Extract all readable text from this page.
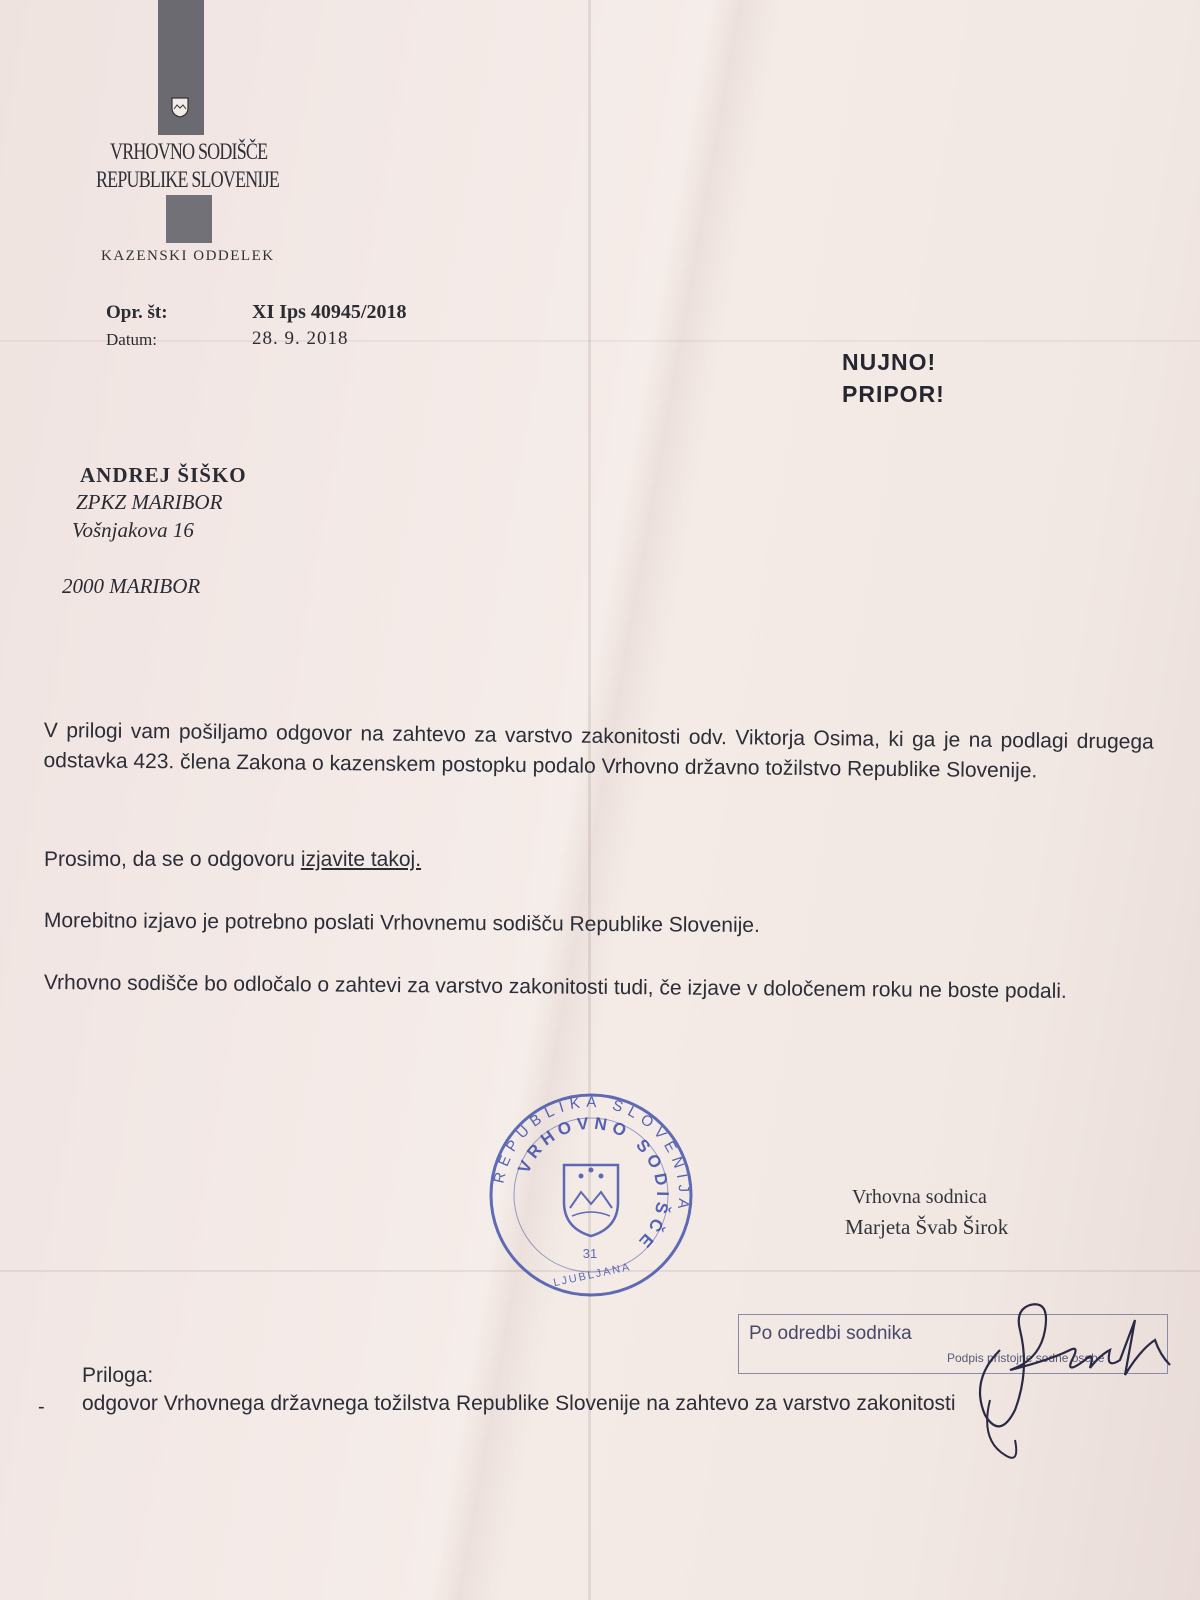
VRHOVNO SODIŠČE
REPUBLIKE SLOVENIJE
KAZENSKI ODDELEK
Opr. št:	XI Ips 40945/2018
Datum:	28. 9. 2018
NUJNO!
PRIPOR!
ANDREJ ŠIŠKO
ZPKZ MARIBOR
Vošnjakova 16
2000 MARIBOR
V prilogi vam pošiljamo odgovor na zahtevo za varstvo zakonitosti odv. Viktorja Osima, ki ga je na podlagi drugega odstavka 423. člena Zakona o kazenskem postopku podalo Vrhovno državno tožilstvo Republike Slovenije.
Prosimo, da se o odgovoru izjavite takoj.
Morebitno izjavo je potrebno poslati Vrhovnemu sodišču Republike Slovenije.
Vrhovno sodišče bo odločalo o zahtevi za varstvo zakonitosti tudi, če izjave v določenem roku ne boste podali.
REPUBLIKA SLOVENIJA
VRHOVNO SODIŠČE
31
LJUBLJANA
Vrhovna sodnica
Marjeta Švab Širok
Po odredbi sodnika
Podpis pristojne sodne osebe
Priloga:
- odgovor Vrhovnega državnega tožilstva Republike Slovenije na zahtevo za varstvo zakonitosti
